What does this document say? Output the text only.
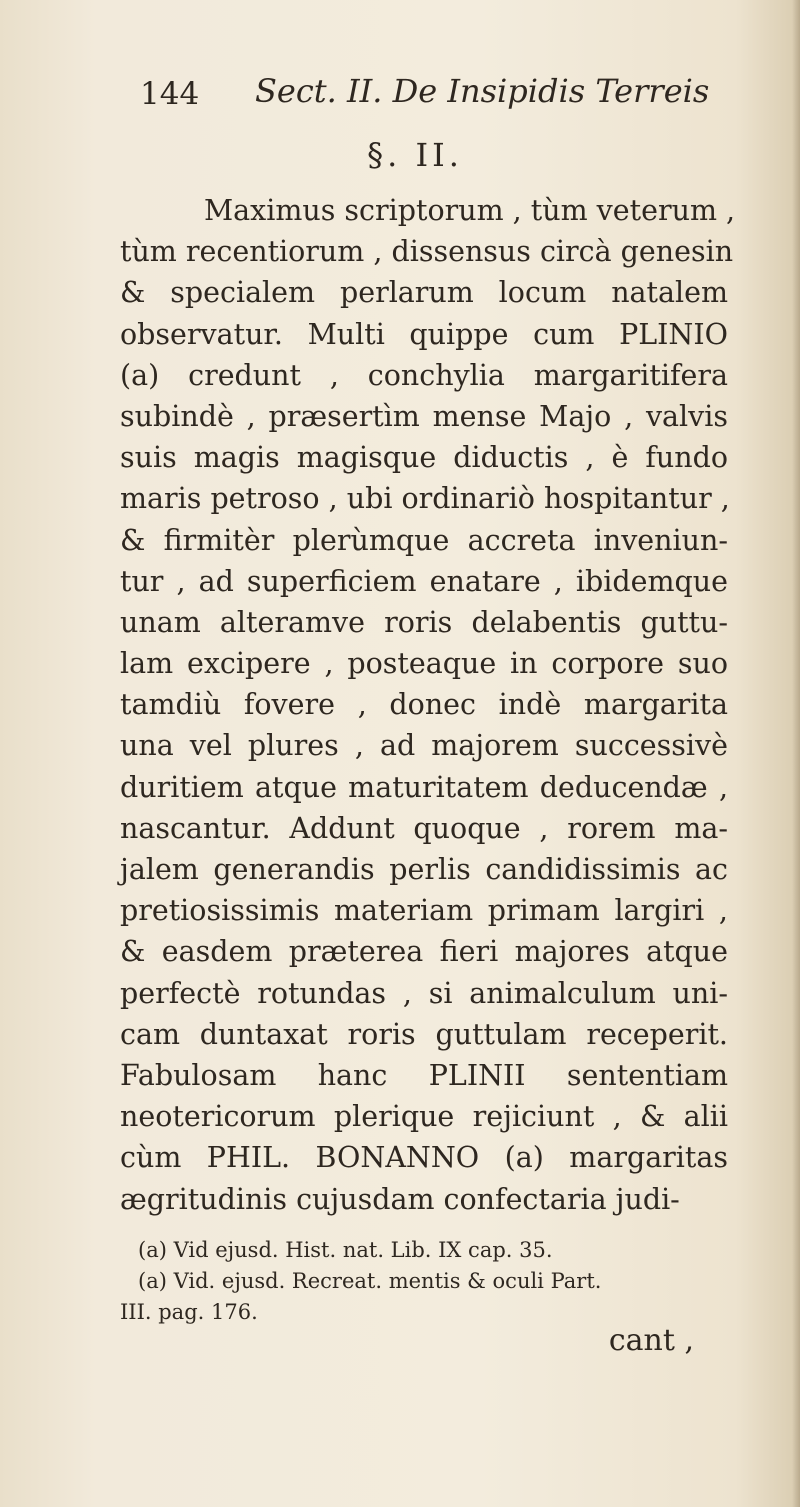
144 Sect. II. De Insipidis Terreis
§. II.
Maximus scriptorum , tùm veterum ,
tùm recentiorum , dissensus circà genesin
& specialem perlarum locum natalem
observatur. Multi quippe cum PLINIO
(a) credunt , conchylia margaritifera
subindè , præsertìm mense Majo , valvis
suis magis magisque diductis , è fundo
maris petroso , ubi ordinariò hospitantur ,
& firmitèr plerùmque accreta inveniun-
tur , ad superficiem enatare , ibidemque
unam alteramve roris delabentis guttu-
lam excipere , posteaque in corpore suo
tamdiù fovere , donec indè margarita
una vel plures , ad majorem successivè
duritiem atque maturitatem deducendæ ,
nascantur. Addunt quoque , rorem ma-
jalem generandis perlis candidissimis ac
pretiosissimis materiam primam largiri ,
& easdem præterea fieri majores atque
perfectè rotundas , si animalculum uni-
cam duntaxat roris guttulam receperit.
Fabulosam hanc PLINII sententiam
neotericorum plerique rejiciunt , & alii
cùm PHIL. BONANNO (a) margaritas
ægritudinis cujusdam confectaria judi-
(a) Vid ejusd. Hist. nat. Lib. IX cap. 35.
(a) Vid. ejusd. Recreat. mentis & oculi Part.
III. pag. 176.
cant ,
